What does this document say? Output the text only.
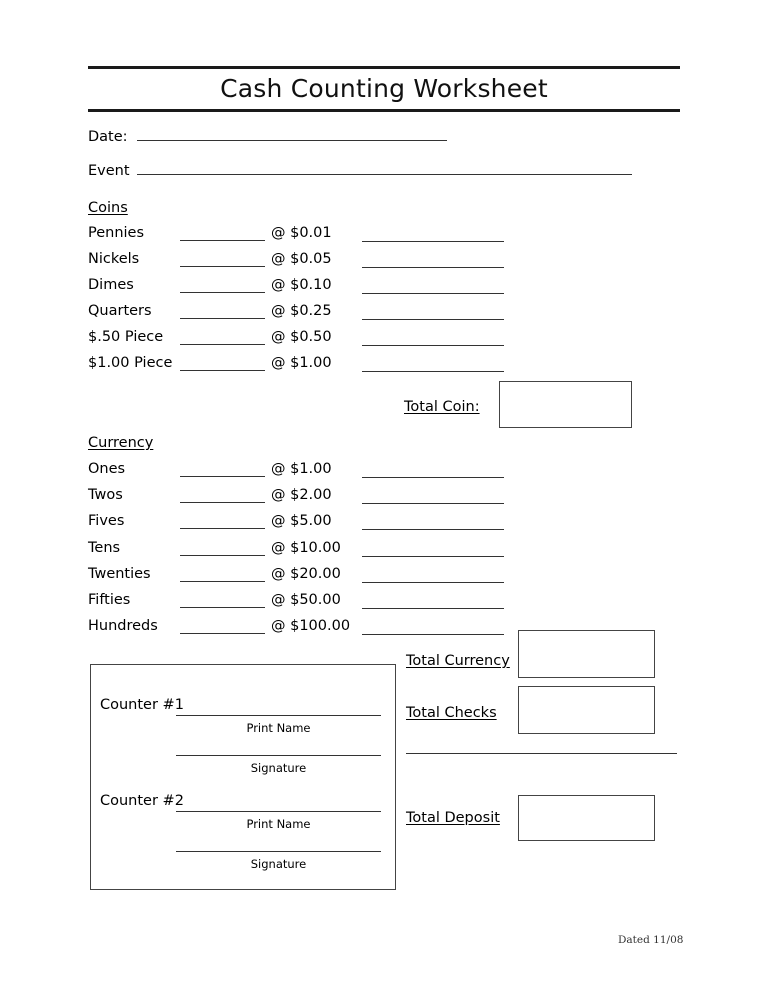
Cash Counting Worksheet
Date:
Event
Coins
Pennies	@ $0.01
Nickels	@ $0.05
Dimes	@ $0.10
Quarters	@ $0.25
$.50 Piece	@ $0.50
$1.00 Piece	@ $1.00
Total Coin:
Currency
Ones	@ $1.00
Twos	@ $2.00
Fives	@ $5.00
Tens	@ $10.00
Twenties	@ $20.00
Fifties	@ $50.00
Hundreds	@ $100.00
Total Currency
Total Checks
Total Deposit
Counter #1
Print Name
Signature
Counter #2
Print Name
Signature
Dated 11/08
